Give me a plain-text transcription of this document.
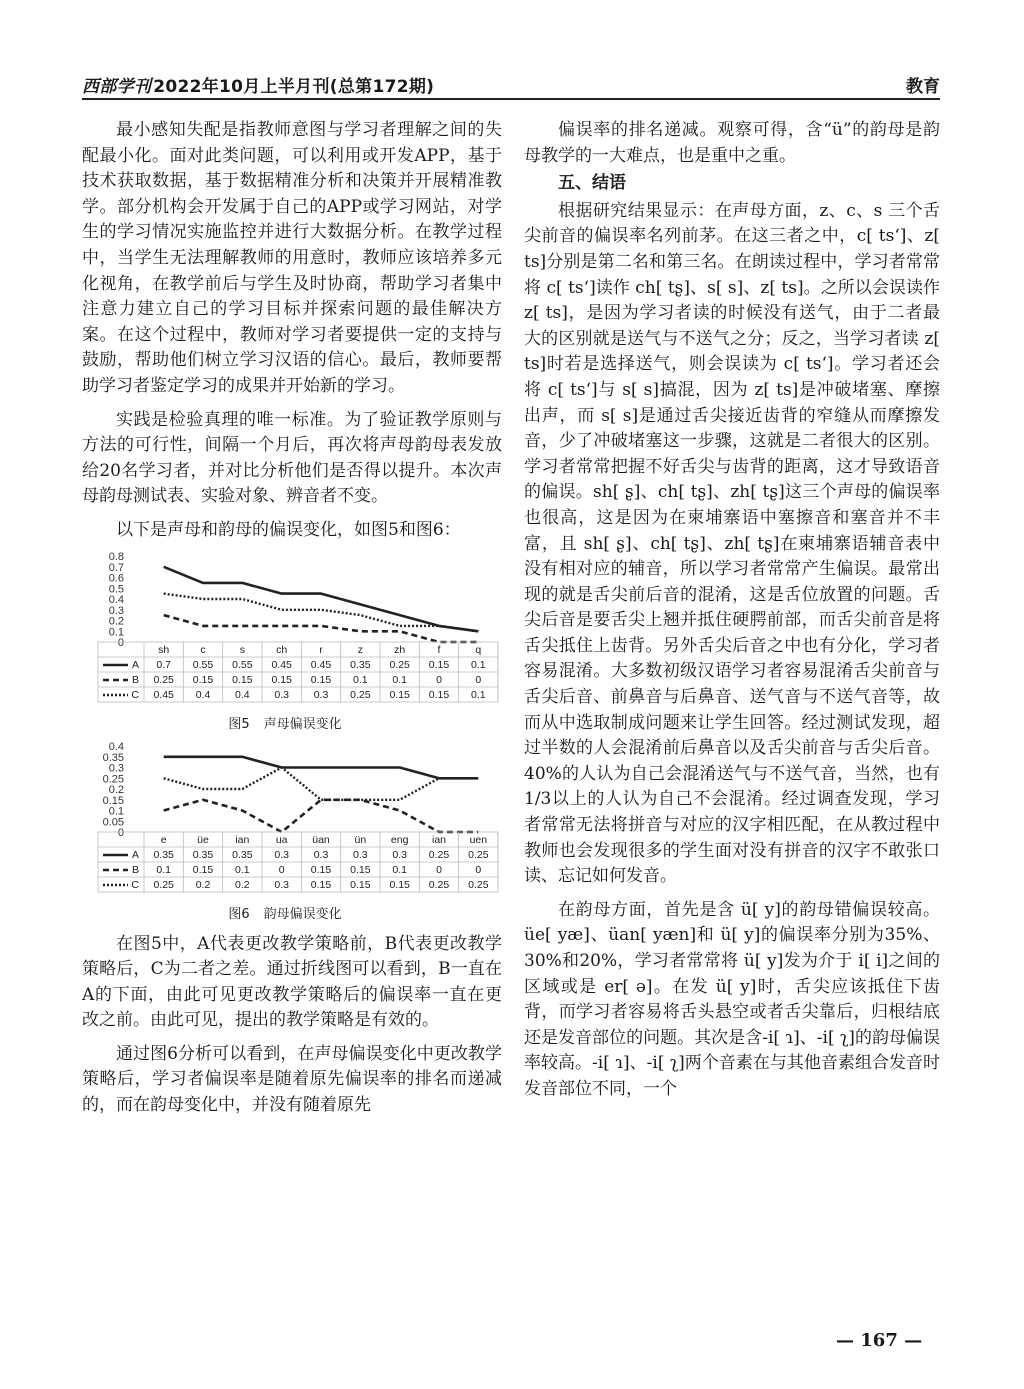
西部学刊 2022年10月上半月刊(总第172期)	教育

最小感知失配是指教师意图与学习者理解之间的失配最小化。面对此类问题，可以利用或开发APP，基于技术获取数据，基于数据精准分析和决策并开展精准教学。部分机构会开发属于自己的APP或学习网站，对学生的学习情况实施监控并进行大数据分析。在教学过程中，当学生无法理解教师的用意时，教师应该培养多元化视角，在教学前后与学生及时协商，帮助学习者集中注意力建立自己的学习目标并探索问题的最佳解决方案。在这个过程中，教师对学习者要提供一定的支持与鼓励，帮助他们树立学习汉语的信心。最后，教师要帮助学习者鉴定学习的成果并开始新的学习。

实践是检验真理的唯一标准。为了验证教学原则与方法的可行性，间隔一个月后，再次将声母韵母表发放给20名学习者，并对比分析他们是否得以提升。本次声母韵母测试表、实验对象、辨音者不变。

以下是声母和韵母的偏误变化，如图5和图6：

0.8
0.7
0.6
0.5
0.4
0.3
0.2
0.1
0
sh	c	s	ch	r	z	zh	f	q
A 0.7 0.55 0.55 0.45 0.45 0.35 0.25 0.15 0.1
B 0.25 0.15 0.15 0.15 0.15 0.1 0.1	0	0
C 0.45 0.4 0.4 0.3 0.3 0.25 0.15 0.15 0.1
图5 声母偏误变化
0.4
0.35
0.3
0.25
0.2
0.15
0.1
0.05
0
e	üe	ian	ua üan ün eng ian uen
A 0.35 0.35 0.35 0.3 0.3 0.3 0.3 0.25 0.25
B 0.1 0.15 0.1	0 0.15 0.15 0.1	0	0
C 0.25 0.2 0.2 0.3 0.15 0.15 0.15 0.25 0.25
图6 韵母偏误变化

在图5中，A代表更改教学策略前，B代表更改教学策略后，C为二者之差。通过折线图可以看到，B一直在A的下面，由此可见更改教学策略后的偏误率一直在更改之前。由此可见，提出的教学策略是有效的。

通过图6分析可以看到，在声母偏误变化中更改教学策略后，学习者偏误率是随着原先偏误率的排名而递减的，而在韵母变化中，并没有随着原先

偏误率的排名递减。观察可得，含“ü”的韵母是韵母教学的一大难点，也是重中之重。

五、结语

根据研究结果显示：在声母方面，z、c、s 三个舌尖前音的偏误率名列前茅。在这三者之中，c[ tsʻ]、z[ ts]分别是第二名和第三名。在朗读过程中，学习者常常将 c[ tsʻ]读作 ch[ tʂ]、s[ s]、z[ ts]。之所以会误读作 z[ ts]，是因为学习者读的时候没有送气，由于二者最大的区别就是送气与不送气之分；反之，当学习者读 z[ ts]时若是选择送气，则会误读为 c[ tsʻ]。学习者还会将 c[ tsʻ]与 s[ s]搞混，因为 z[ ts]是冲破堵塞、摩擦出声，而 s[ s]是通过舌尖接近齿背的窄缝从而摩擦发音，少了冲破堵塞这一步骤，这就是二者很大的区别。学习者常常把握不好舌尖与齿背的距离，这才导致语音的偏误。sh[ ʂ]、ch[ tʂ]、zh[ tʂ]这三个声母的偏误率也很高，这是因为在柬埔寨语中塞擦音和塞音并不丰富，且 sh[ ʂ]、ch[ tʂ]、zh[ tʂ]在柬埔寨语辅音表中没有相对应的辅音，所以学习者常常产生偏误。最常出现的就是舌尖前后音的混淆，这是舌位放置的问题。舌尖后音是要舌尖上翘并抵住硬腭前部，而舌尖前音是将舌尖抵住上齿背。另外舌尖后音之中也有分化，学习者容易混淆。大多数初级汉语学习者容易混淆舌尖前音与舌尖后音、前鼻音与后鼻音、送气音与不送气音等，故而从中选取制成问题来让学生回答。经过测试发现，超过半数的人会混淆前后鼻音以及舌尖前音与舌尖后音。40%的人认为自己会混淆送气与不送气音，当然，也有1/3以上的人认为自己不会混淆。经过调查发现，学习者常常无法将拼音与对应的汉字相匹配，在从教过程中教师也会发现很多的学生面对没有拼音的汉字不敢张口读、忘记如何发音。

在韵母方面，首先是含 ü[ y]的韵母错偏误较高。üe[ yæ]、üan[ yæn]和 ü[ y]的偏误率分别为35%、30%和20%，学习者常常将 ü[ y]发为介于 i[ i]之间的区域或是 er[ ə]。在发 ü[ y]时，舌尖应该抵住下齿背，而学习者容易将舌头悬空或者舌尖靠后，归根结底还是发音部位的问题。其次是含-i[ ɿ]、-i[ ʅ]的韵母偏误率较高。-i[ ɿ]、-i[ ʅ]两个音素在与其他音素组合发音时发音部位不同，一个

— 167 —
